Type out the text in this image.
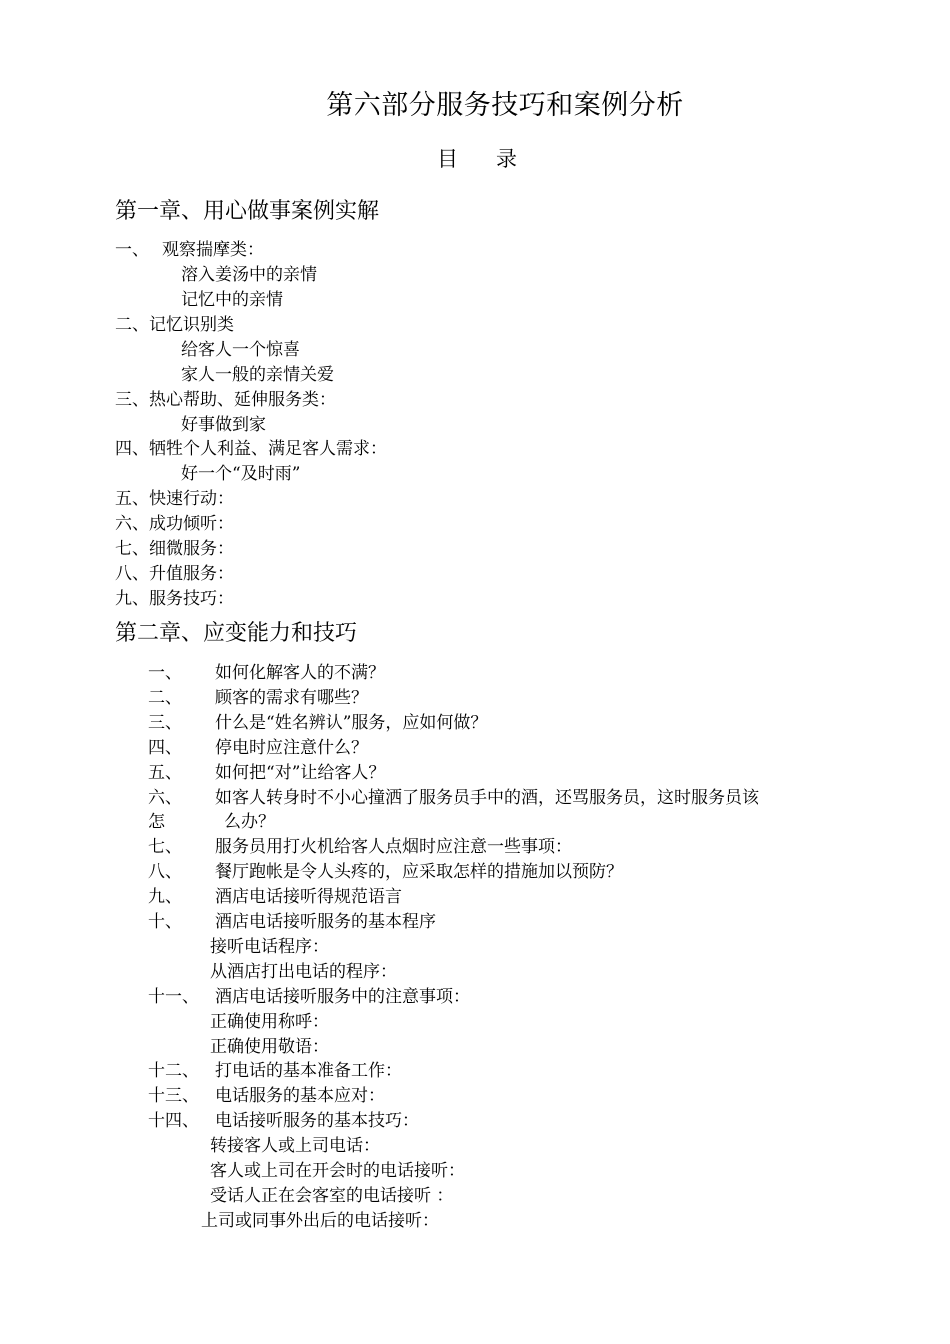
第六部分服务技巧和案例分析
目 录
第一章、用心做事案例实解
一、 观察揣摩类：
溶入姜汤中的亲情
记忆中的亲情
二、记忆识别类
给客人一个惊喜
家人一般的亲情关爱
三、热心帮助、延伸服务类：
好事做到家
四、牺牲个人利益、满足客人需求：
好一个“及时雨”
五、快速行动：
六、成功倾听：
七、细微服务：
八、升值服务：
九、服务技巧：
第二章、应变能力和技巧
一、 如何化解客人的不满？
二、 顾客的需求有哪些？
三、 什么是“姓名辨认”服务，应如何做？
四、 停电时应注意什么？
五、 如何把“对”让给客人？
六、 如客人转身时不小心撞洒了服务员手中的酒，还骂服务员，这时服务员该
怎	么办？
七、 服务员用打火机给客人点烟时应注意一些事项：
八、 餐厅跑帐是令人头疼的，应采取怎样的措施加以预防？
九、 酒店电话接听得规范语言
十、 酒店电话接听服务的基本程序
接听电话程序：
从酒店打出电话的程序：
十一、 酒店电话接听服务中的注意事项：
正确使用称呼：
正确使用敬语：
十二、 打电话的基本准备工作：
十三、 电话服务的基本应对：
十四、 电话接听服务的基本技巧：
转接客人或上司电话：
客人或上司在开会时的电话接听：
受话人正在会客室的电话接听 ：
上司或同事外出后的电话接听：
